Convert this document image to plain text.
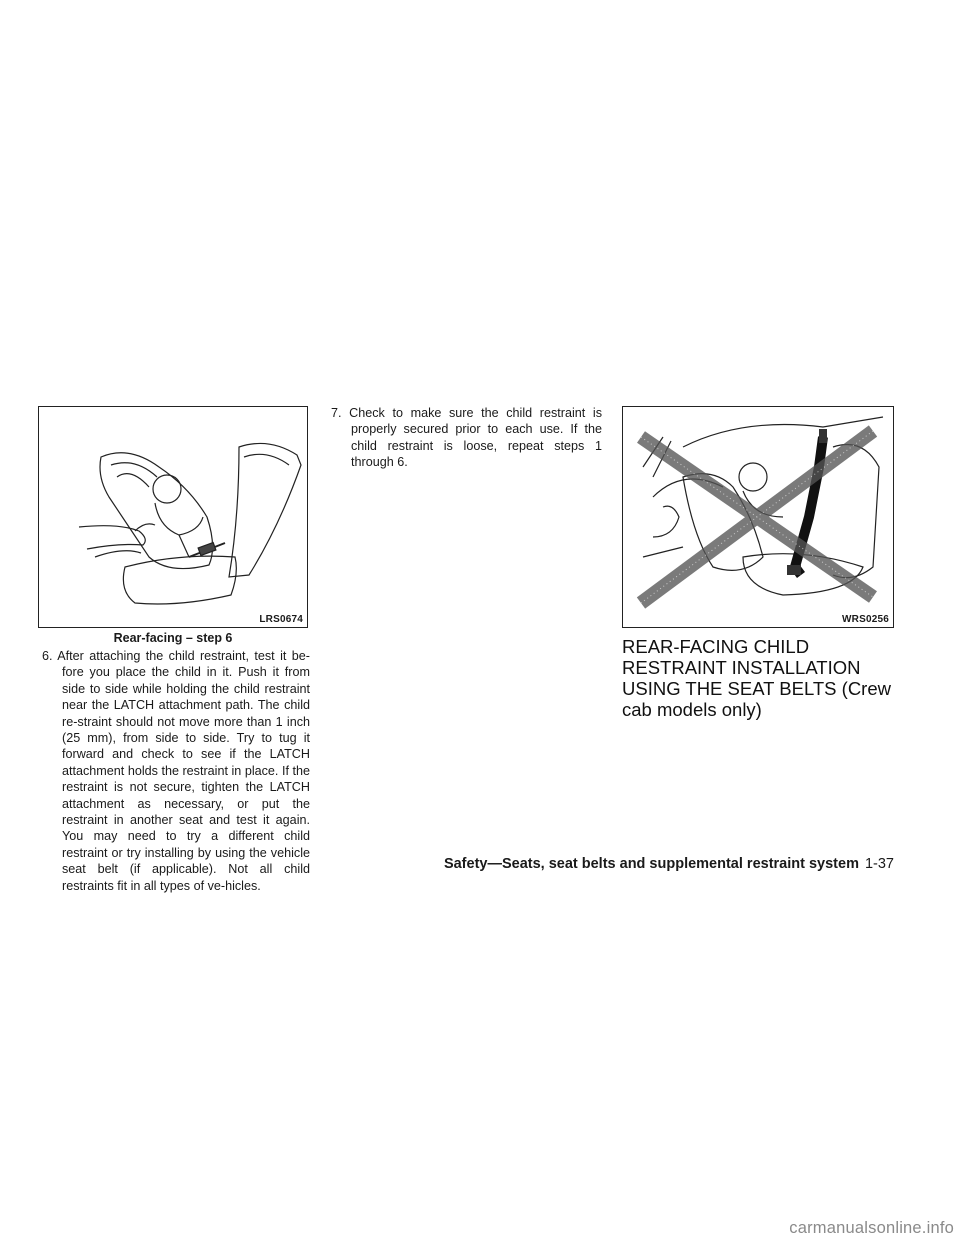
LRS0674
Rear-facing – step 6
6. After attaching the child restraint, test it be-fore you place the child in it. Push it from side to side while holding the child restraint near the LATCH attachment path. The child re-straint should not move more than 1 inch (25 mm), from side to side. Try to tug it forward and check to see if the LATCH attachment holds the restraint in place. If the restraint is not secure, tighten the LATCH attachment as necessary, or put the restraint in another seat and test it again. You may need to try a different child restraint or try installing by using the vehicle seat belt (if applicable). Not all child restraints fit in all types of ve-hicles.
7. Check to make sure the child restraint is properly secured prior to each use. If the child restraint is loose, repeat steps 1 through 6.
WRS0256
REAR-FACING CHILD RESTRAINT INSTALLATION USING THE SEAT BELTS (Crew cab models only)
Safety—Seats, seat belts and supplemental restraint system 1-37
carmanualsonline.info
